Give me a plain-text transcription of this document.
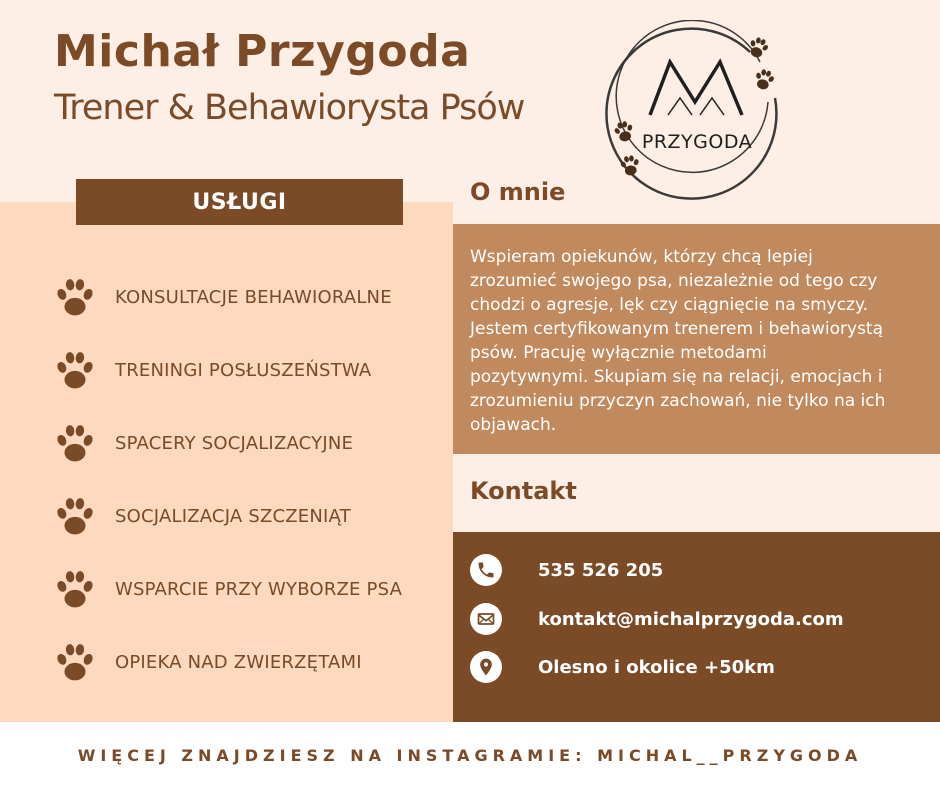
Michał Przygoda
Trener & Behawiorysta Psów
PRZYGODA
USŁUGI
KONSULTACJE BEHAWIORALNE
TRENINGI POSŁUSZEŃSTWA
SPACERY SOCJALIZACYJNE
SOCJALIZACJA SZCZENIĄT
WSPARCIE PRZY WYBORZE PSA
OPIEKA NAD ZWIERZĘTAMI
O mnie
Wspieram opiekunów, którzy chcą lepiej zrozumieć swojego psa, niezależnie od tego czy chodzi o agresje, lęk czy ciągnięcie na smyczy. Jestem certyfikowanym trenerem i behawiorystą psów. Pracuję wyłącznie metodami pozytywnymi. Skupiam się na relacji, emocjach i zrozumieniu przyczyn zachowań, nie tylko na ich objawach.
Kontakt
535 526 205
kontakt@michalprzygoda.com
Olesno i okolice +50km
WIĘCEJ ZNAJDZIESZ NA INSTAGRAMIE: MICHAL__PRZYGODA
